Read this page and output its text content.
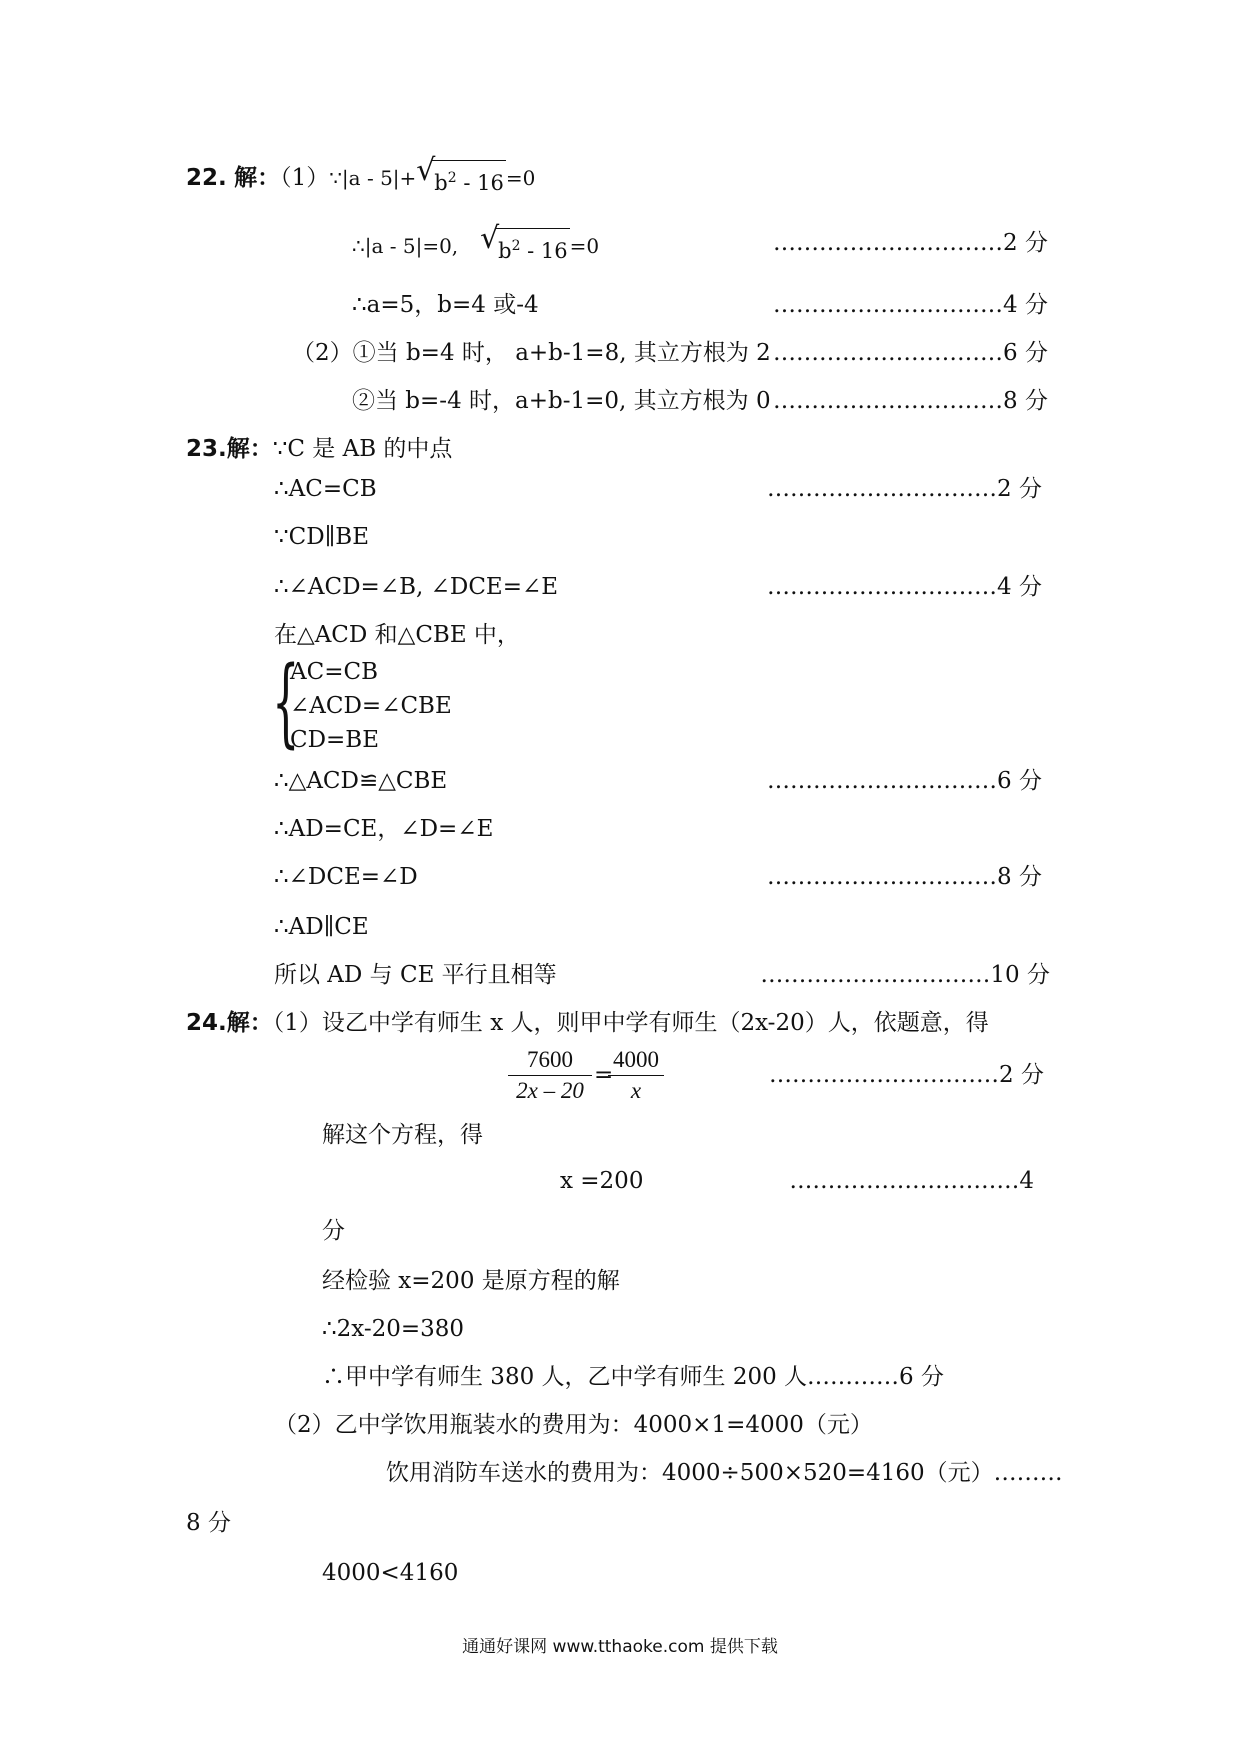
22. 解：（1）∵|a - 5|+ √
$b^2 - 16 =0$
∴|a - 5|=0, √
$b^2 - 16 =0$	…………………………2 分
∴a=5，b=4 或-4	…………………………4 分
（2）①当 b=4 时， a+b-1=8, 其立方根为 2 …………………………6 分
②当 b=-4 时，a+b-1=0, 其立方根为 0 …………………………8 分
23.解：∵C 是 AB 的中点
∴AC=CB	…………………………2 分
∵CD∥BE
∴∠ACD=∠B, ∠DCE=∠E	…………………………4 分
在△ACD 和△CBE 中，
{
AC=CB
∠ACD=∠CBE
CD=BE
∴△ACD≌△CBE	…………………………6 分
∴AD=CE，∠D=∠E
∴∠DCE=∠D	…………………………8 分
∴AD∥CE
所以 AD 与 CE 平行且相等	…………………………10 分
24.解：（1）设乙中学有师生 x 人，则甲中学有师生（2x-20）人，依题意，得
$\frac{7600}{2x - 20}$ =
$\frac{4000}{x}$	…………………………2 分
解这个方程，得
x =200	…………………………4
分
经检验 x=200 是原方程的解
∴2x-20=380
∴甲中学有师生 380 人，乙中学有师生 200 人…………6 分
（2）乙中学饮用瓶装水的费用为：4000×1=4000（元）
饮用消防车送水的费用为：4000÷500×520=4160（元）………
8 分
4000<4160
通通好课网 www.tthaoke.com 提供下载
